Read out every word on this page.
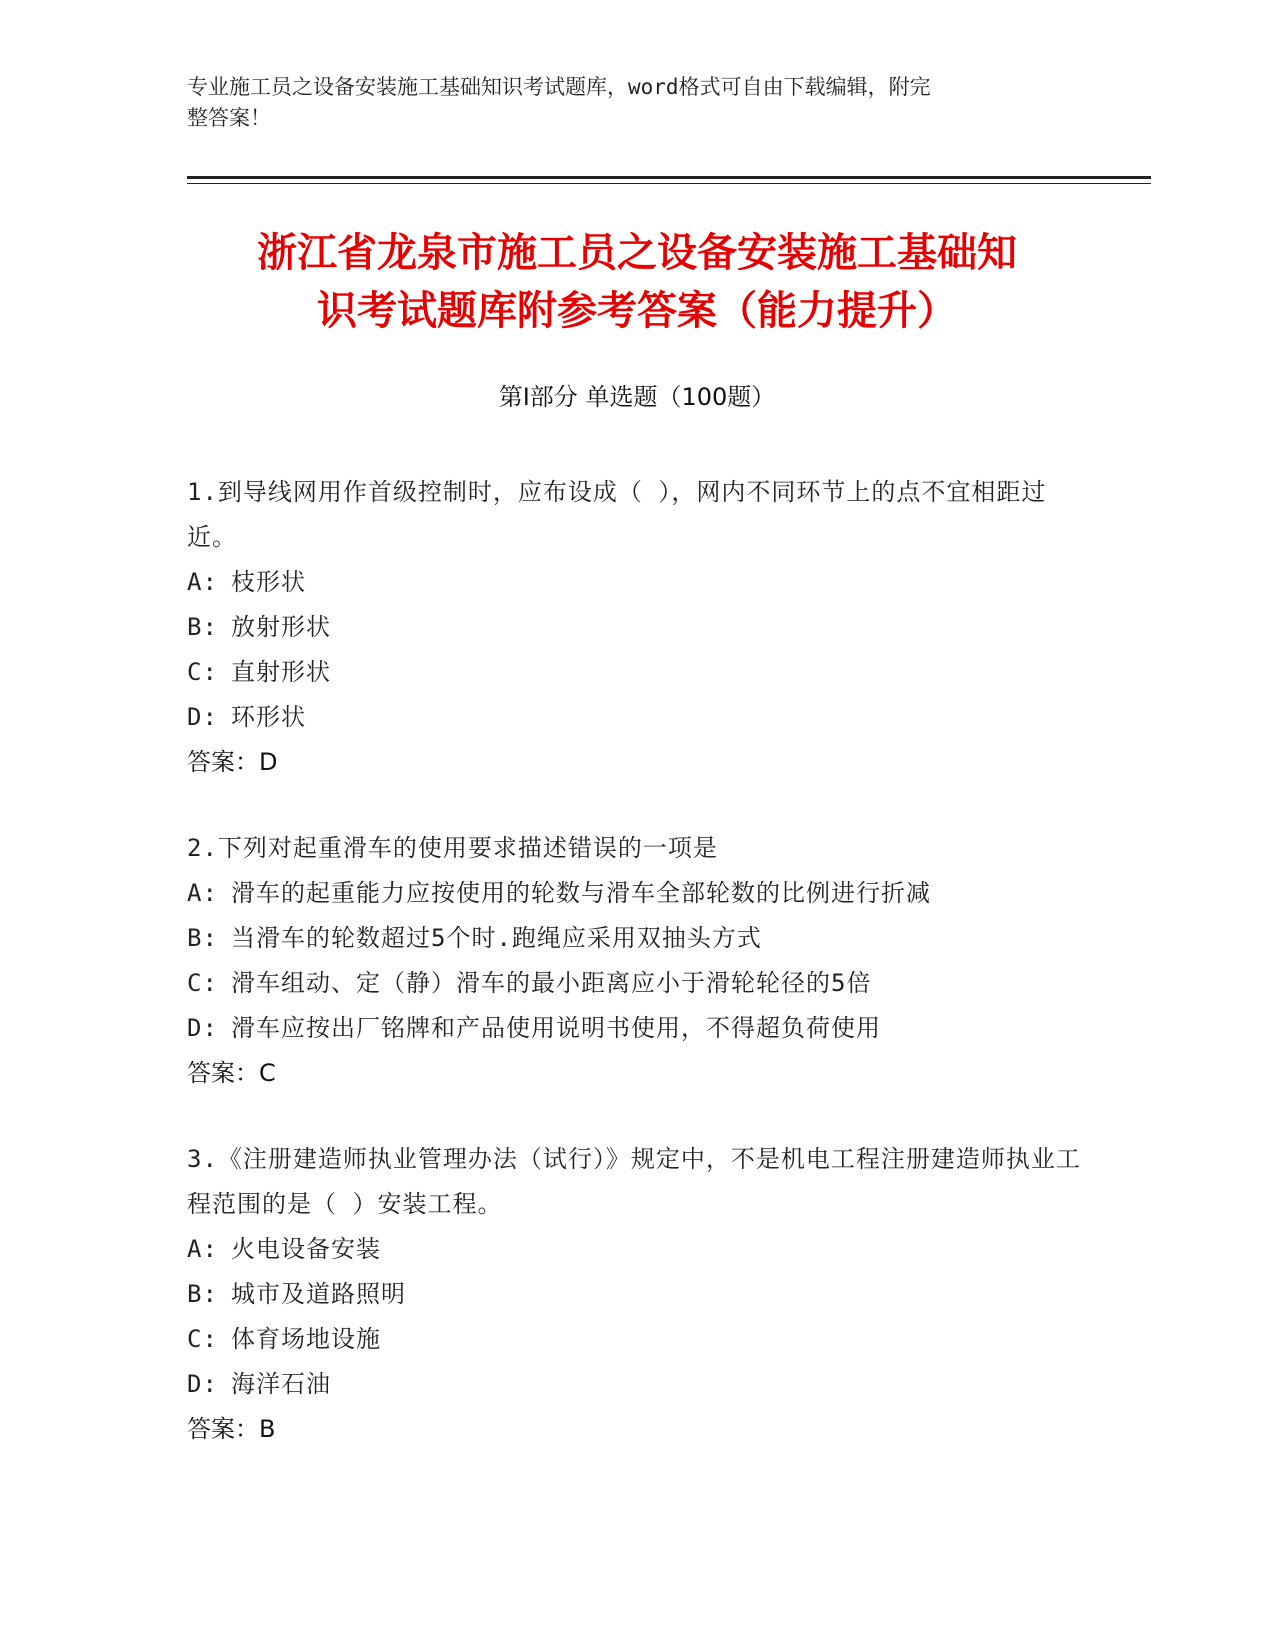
专业施工员之设备安装施工基础知识考试题库，word格式可自由下载编辑，附完
整答案！
浙江省龙泉市施工员之设备安装施工基础知
识考试题库附参考答案（能力提升）
第Ⅰ部分 单选题（100题）
1.到导线网用作首级控制时，应布设成（ ），网内不同环节上的点不宜相距过近。
A: 枝形状
B: 放射形状
C: 直射形状
D: 环形状
答案：D
2.下列对起重滑车的使用要求描述错误的一项是
A: 滑车的起重能力应按使用的轮数与滑车全部轮数的比例进行折减
B: 当滑车的轮数超过5个时.跑绳应采用双抽头方式
C: 滑车组动、定（静）滑车的最小距离应小于滑轮轮径的5倍
D: 滑车应按出厂铭牌和产品使用说明书使用，不得超负荷使用
答案：C
3.《注册建造师执业管理办法（试行）》规定中，不是机电工程注册建造师执业工程范围的是（ ）安装工程。
A: 火电设备安装
B: 城市及道路照明
C: 体育场地设施
D: 海洋石油
答案：B
